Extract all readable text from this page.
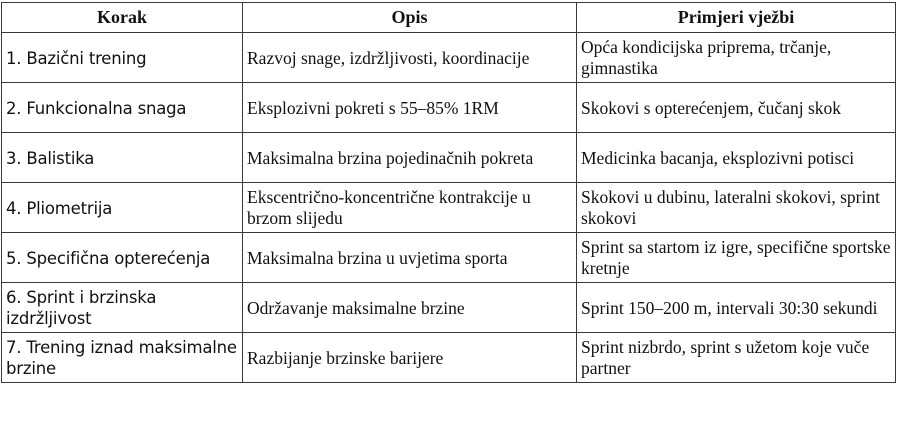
Korak	Opis	Primjeri vježbi
1. Bazični trening	Razvoj snage, izdržljivosti, koordinacije	Opća kondicijska priprema, trčanje, gimnastika
2. Funkcionalna snaga	Eksplozivni pokreti s 55–85% 1RM	Skokovi s opterećenjem, čučanj skok
3. Balistika	Maksimalna brzina pojedinačnih pokreta	Medicinka bacanja, eksplozivni potisci
4. Pliometrija	Ekscentrično-koncentrične kontrakcije u brzom slijedu	Skokovi u dubinu, lateralni skokovi, sprint skokovi
5. Specifična opterećenja	Maksimalna brzina u uvjetima sporta	Sprint sa startom iz igre, specifične sportske kretnje
6. Sprint i brzinska izdržljivost	Održavanje maksimalne brzine	Sprint 150–200 m, intervali 30:30 sekundi
7. Trening iznad maksimalne brzine	Razbijanje brzinske barijere	Sprint nizbrdo, sprint s užetom koje vuče partner
